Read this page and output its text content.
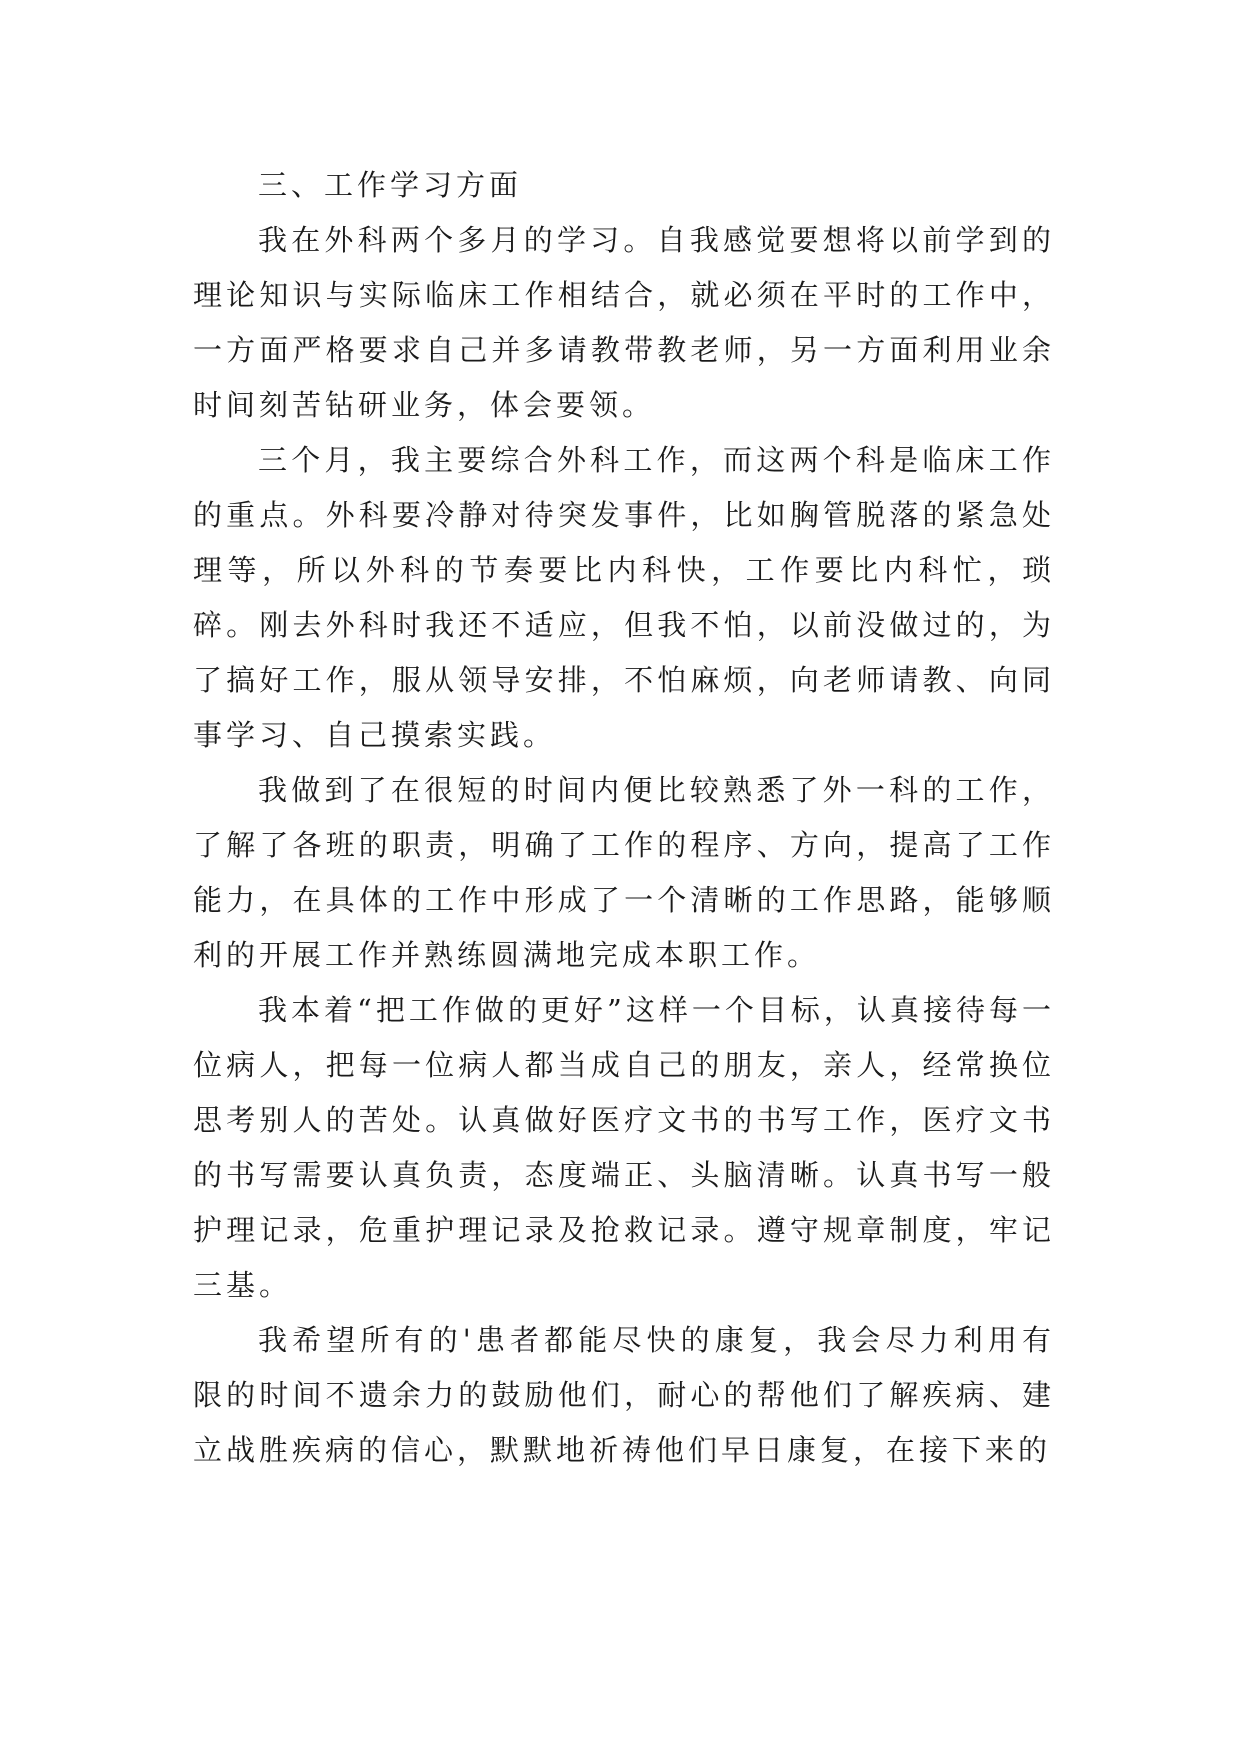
三、工作学习方面

我在外科两个多月的学习。自我感觉要想将以前学到的理论知识与实际临床工作相结合，就必须在平时的工作中，一方面严格要求自己并多请教带教老师，另一方面利用业余时间刻苦钻研业务，体会要领。

三个月，我主要综合外科工作，而这两个科是临床工作的重点。外科要冷静对待突发事件，比如胸管脱落的紧急处理等，所以外科的节奏要比内科快，工作要比内科忙，琐碎。刚去外科时我还不适应，但我不怕，以前没做过的，为了搞好工作，服从领导安排，不怕麻烦，向老师请教、向同事学习、自己摸索实践。

我做到了在很短的时间内便比较熟悉了外一科的工作，了解了各班的职责，明确了工作的程序、方向，提高了工作能力，在具体的工作中形成了一个清晰的工作思路，能够顺利的开展工作并熟练圆满地完成本职工作。

我本着“把工作做的更好”这样一个目标，认真接待每一位病人，把每一位病人都当成自己的朋友，亲人，经常换位思考别人的苦处。认真做好医疗文书的书写工作，医疗文书的书写需要认真负责，态度端正、头脑清晰。认真书写一般护理记录，危重护理记录及抢救记录。遵守规章制度，牢记三基。

我希望所有的'患者都能尽快的康复，我会尽力利用有限的时间不遗余力的鼓励他们，耐心的帮他们了解疾病、建立战胜疾病的信心，默默地祈祷他们早日康复，在接下来的
